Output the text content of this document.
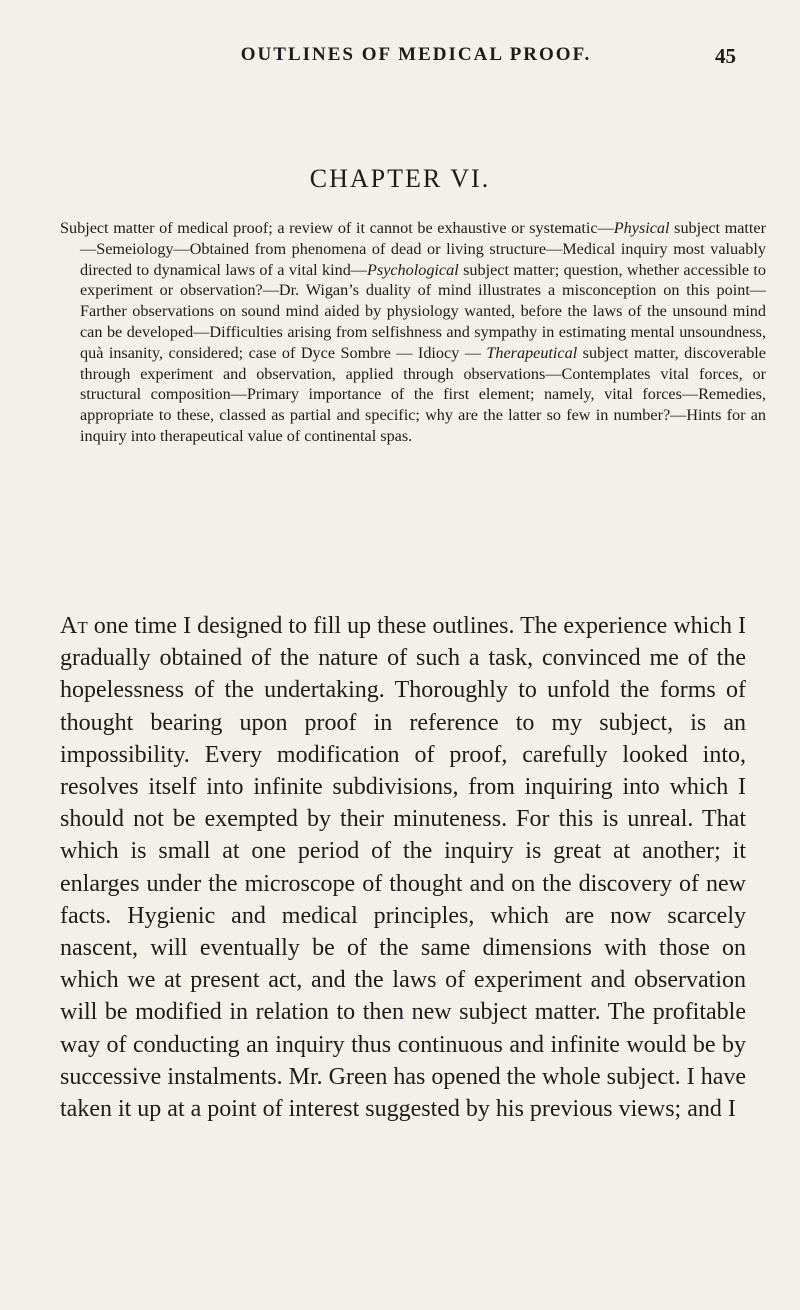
OUTLINES OF MEDICAL PROOF.	45
CHAPTER VI.

Subject matter of medical proof; a review of it cannot be exhaustive or systematic—Physical subject matter—Semeiology—Obtained from phenomena of dead or living structure—Medical inquiry most valuably directed to dynamical laws of a vital kind—Psychological subject matter; question, whether accessible to experiment or observation?—Dr. Wigan’s duality of mind illustrates a misconception on this point—Farther observations on sound mind aided by physiology wanted, before the laws of the unsound mind can be developed—Difficulties arising from selfishness and sympathy in estimating mental unsoundness, quà insanity, considered; case of Dyce Sombre — Idiocy — Therapeutical subject matter, discoverable through experiment and observation, applied through observations—Contemplates vital forces, or structural composition—Primary importance of the first element; namely, vital forces—Remedies, appropriate to these, classed as partial and specific; why are the latter so few in number?—Hints for an inquiry into therapeutical value of continental spas.

At one time I designed to fill up these outlines. The experience which I gradually obtained of the nature of such a task, convinced me of the hopelessness of the undertaking. Thoroughly to unfold the forms of thought bearing upon proof in reference to my subject, is an impossibility. Every modification of proof, carefully looked into, resolves itself into infinite subdivisions, from inquiring into which I should not be exempted by their minuteness. For this is unreal. That which is small at one period of the inquiry is great at another; it enlarges under the microscope of thought and on the discovery of new facts. Hygienic and medical principles, which are now scarcely nascent, will eventually be of the same dimensions with those on which we at present act, and the laws of experiment and observation will be modified in relation to then new subject matter. The profitable way of conducting an inquiry thus continuous and infinite would be by successive instalments. Mr. Green has opened the whole subject. I have taken it up at a point of interest suggested by his previous views; and I
